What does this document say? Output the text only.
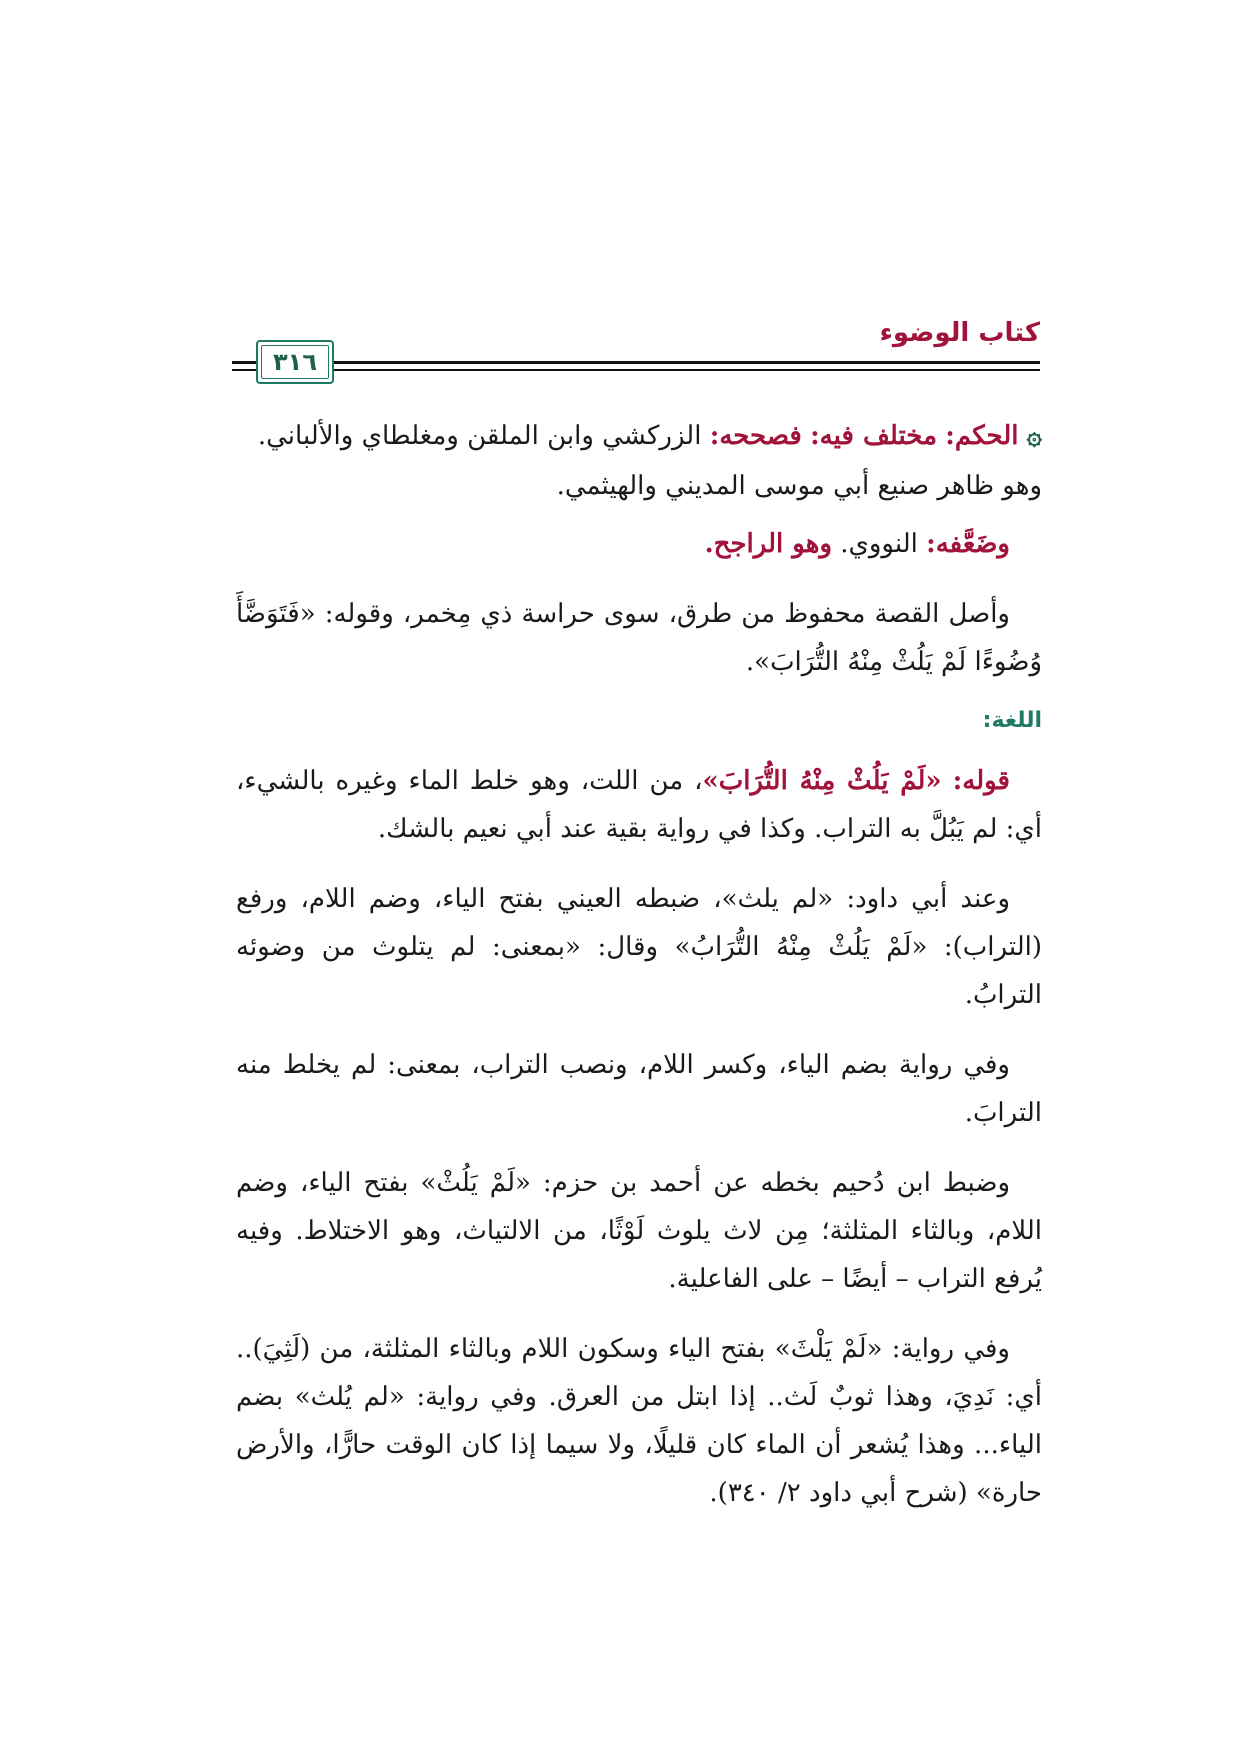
كتاب الوضوء
٣١٦

۞ الحكم: مختلف فيه: فصححه: الزركشي وابن الملقن ومغلطاي والألباني.

وهو ظاهر صنيع أبي موسى المديني والهيثمي.

وضَعَّفه: النووي. وهو الراجح.

وأصل القصة محفوظ من طرق، سوى حراسة ذي مِخمر، وقوله: «فَتَوَضَّأَ وُضُوءًا لَمْ يَلُثْ مِنْهُ التُّرَابَ».

اللغة:

قوله: «لَمْ يَلُثْ مِنْهُ التُّرَابَ»، من اللت، وهو خلط الماء وغيره بالشيء، أي: لم يَبُلَّ به التراب. وكذا في رواية بقية عند أبي نعيم بالشك.

وعند أبي داود: «لم يلث»، ضبطه العيني بفتح الياء، وضم اللام، ورفع (التراب): «لَمْ يَلُثْ مِنْهُ التُّرَابُ» وقال: «بمعنى: لم يتلوث من وضوئه الترابُ.

وفي رواية بضم الياء، وكسر اللام، ونصب التراب، بمعنى: لم يخلط منه الترابَ.

وضبط ابن دُحيم بخطه عن أحمد بن حزم: «لَمْ يَلُثْ» بفتح الياء، وضم اللام، وبالثاء المثلثة؛ مِن لاث يلوث لَوْثًا، من الالتياث، وهو الاختلاط. وفيه يُرفع التراب – أيضًا – على الفاعلية.

وفي رواية: «لَمْ يَلْثَ» بفتح الياء وسكون اللام وبالثاء المثلثة، من (لَثِيَ).. أي: نَدِيَ، وهذا ثوبٌ لَث.. إذا ابتل من العرق. وفي رواية: «لم يُلث» بضم الياء... وهذا يُشعر أن الماء كان قليلًا، ولا سيما إذا كان الوقت حارًّا، والأرض حارة» (شرح أبي داود ٢/ ٣٤٠).
